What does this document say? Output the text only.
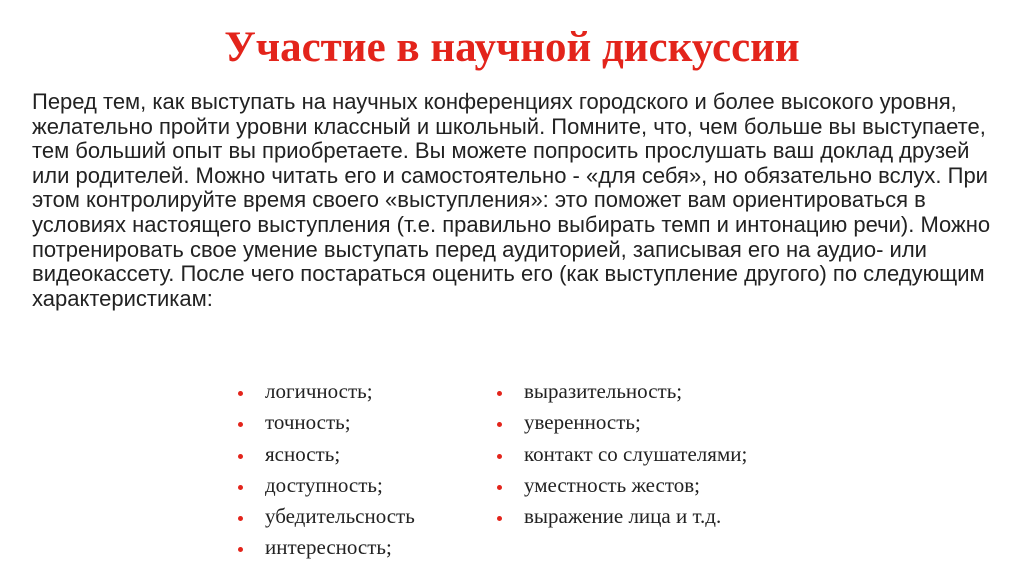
Участие в научной дискуссии

Перед тем, как выступать на научных конференциях городского и более высокого уровня, желательно пройти уровни классный и школьный. Помните, что, чем больше вы выступаете, тем больший опыт вы приобретаете. Вы можете попросить прослушать ваш доклад друзей или родителей. Можно читать его и самостоятельно - «для себя», но обязательно вслух. При этом контролируйте время своего «выступления»: это поможет вам ориентироваться в условиях настоящего выступления (т.е. правильно выбирать темп и интонацию речи). Можно потренировать свое умение выступать перед аудиторией, записывая его на аудио- или видеокассету. После чего постараться оценить его (как выступление другого) по следующим характеристикам:

логичность;
точность;
ясность;
доступность;
убедительсность
интересность;
выразительность;
уверенность;
контакт со слушателями;
уместность жестов;
выражение лица и т.д.
